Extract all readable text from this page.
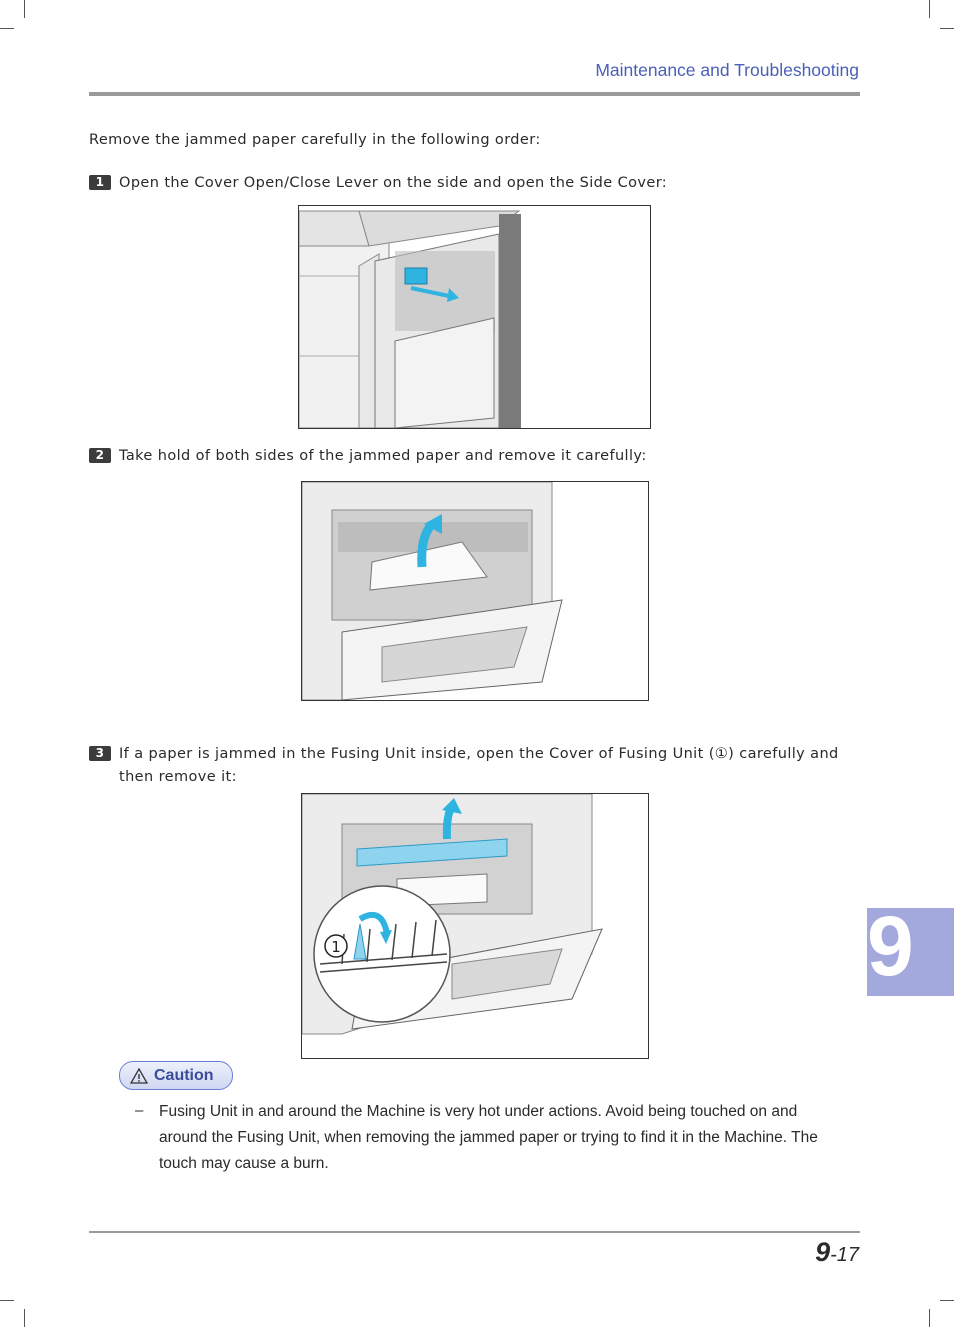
Maintenance and Troubleshooting
Remove the jammed paper carefully in the following order:
1	Open the Cover Open/Close Lever on the side and open the Side Cover:
2	Take hold of both sides of the jammed paper and remove it carefully:
3	If a paper is jammed in the Fusing Unit inside, open the Cover of Fusing Unit (①) carefully and
then remove it:
1
Caution
– Fusing Unit in and around the Machine is very hot under actions. Avoid being touched on and around the Fusing Unit, when removing the jammed paper or trying to find it in the Machine. The touch may cause a burn.
9
9-17
